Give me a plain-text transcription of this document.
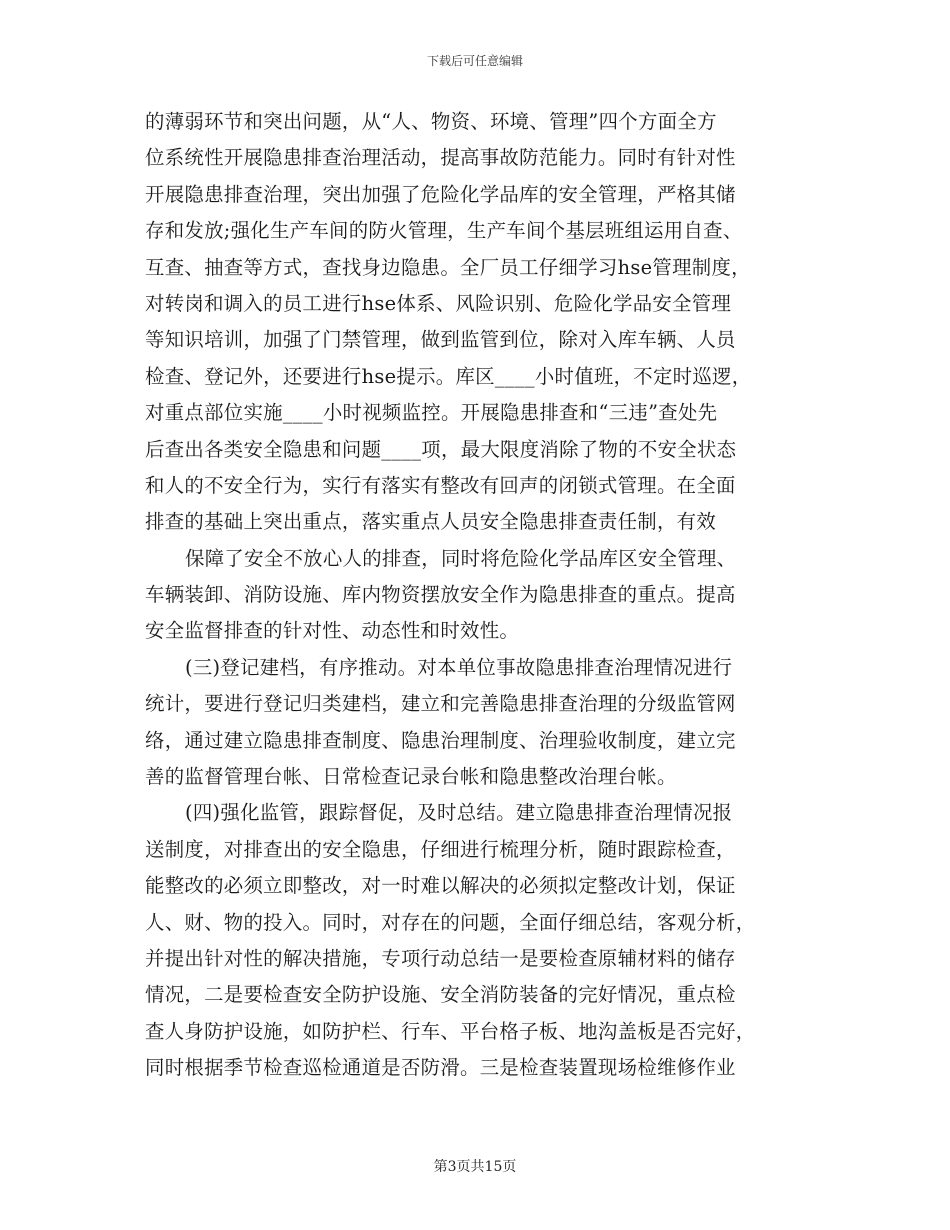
下载后可任意编辑
的薄弱环节和突出问题，从“人、物资、环境、管理”四个方面全方
位系统性开展隐患排查治理活动，提高事故防范能力。同时有针对性
开展隐患排查治理，突出加强了危险化学品库的安全管理，严格其储
存和发放;强化生产车间的防火管理，生产车间个基层班组运用自查、
互查、抽查等方式，查找身边隐患。全厂员工仔细学习hse管理制度，
对转岗和调入的员工进行hse体系、风险识别、危险化学品安全管理
等知识培训，加强了门禁管理，做到监管到位，除对入库车辆、人员
检查、登记外，还要进行hse提示。库区____小时值班，不定时巡逻，
对重点部位实施____小时视频监控。开展隐患排查和“三违”查处先
后查出各类安全隐患和问题____项，最大限度消除了物的不安全状态
和人的不安全行为，实行有落实有整改有回声的闭锁式管理。在全面
排查的基础上突出重点，落实重点人员安全隐患排查责任制，有效
保障了安全不放心人的排查，同时将危险化学品库区安全管理、
车辆装卸、消防设施、库内物资摆放安全作为隐患排查的重点。提高
安全监督排查的针对性、动态性和时效性。
(三)登记建档，有序推动。对本单位事故隐患排查治理情况进行
统计，要进行登记归类建档，建立和完善隐患排查治理的分级监管网
络，通过建立隐患排查制度、隐患治理制度、治理验收制度，建立完
善的监督管理台帐、日常检查记录台帐和隐患整改治理台帐。
(四)强化监管，跟踪督促，及时总结。建立隐患排查治理情况报
送制度，对排查出的安全隐患，仔细进行梳理分析，随时跟踪检查，
能整改的必须立即整改，对一时难以解决的必须拟定整改计划，保证
人、财、物的投入。同时，对存在的问题，全面仔细总结，客观分析，
并提出针对性的解决措施，专项行动总结一是要检查原辅材料的储存
情况，二是要检查安全防护设施、安全消防装备的完好情况，重点检
查人身防护设施，如防护栏、行车、平台格子板、地沟盖板是否完好，
同时根据季节检查巡检通道是否防滑。三是检查装置现场检维修作业
第3页共15页
